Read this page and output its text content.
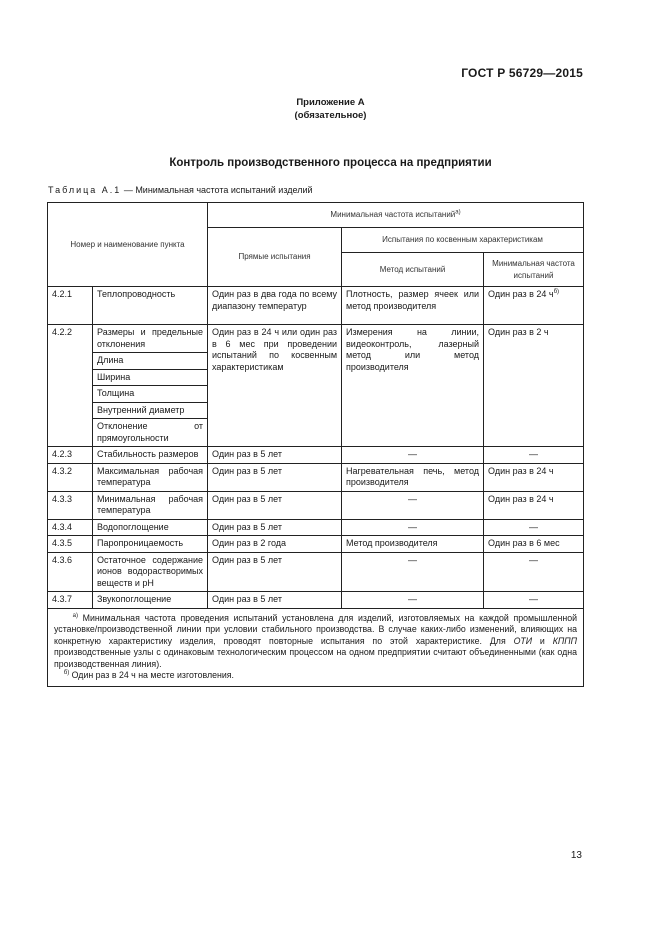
ГОСТ Р 56729—2015
Приложение А
(обязательное)
Контроль производственного процесса на предприятии
Таблица А.1 — Минимальная частота испытаний изделий
Номер и наименование пункта		Минимальная частота испытаний$^{а)}$
		Прямые испытания	Испытания по косвенным характеристикам	
			Метод испытаний	Минимальная частота испытаний
4.2.1	Теплопроводность	Один раз в два года по всему диапазону температур	Плотность, размер ячеек или метод производителя	Один раз в 24 $ч^{б)}$
4.2.2	Размеры и предельные отклонения	Один раз в 24 ч или один раз в 6 мес при проведении испытаний по косвенным характеристикам	Измерения на линии, видеоконтроль, лазерный метод или метод производителя	Один раз в 2 ч
	Длина			
	Ширина			
	Толщина			
	Внутренний диаметр			
	Отклонение от прямоугольности			
4.2.3	Стабильность размеров	Один раз в 5 лет	—	—
4.3.2	Максимальная рабочая температура	Один раз в 5 лет	Нагревательная печь, метод производителя	Один раз в 24 ч
4.3.3	Минимальная рабочая температура	Один раз в 5 лет	—	Один раз в 24 ч
4.3.4	Водопоглощение	Один раз в 5 лет	—	—
4.3.5	Паропроницаемость	Один раз в 2 года	Метод производителя	Один раз в 6 мес
4.3.6	Остаточное содержание ионов водорастворимых веществ и pH	Один раз в 5 лет	—	—
4.3.7	Звукопоглощение	Один раз в 5 лет	—	—

$^{а)}$ Минимальная частота проведения испытаний установлена для изделий, изготовляемых на каждой промышленной установке/производственной линии при условии стабильного производства. В случае каких-либо изменений, влияющих на конкретную характеристику изделия, проводят повторные испытания по этой характеристике. Для ОТИ и КППП производственные узлы с одинаковым технологическим процессом на одном предприятии считают объединенными (как одна производственная линия).
$^{б)}$ Один раз в 24 ч на месте изготовления.				
13
